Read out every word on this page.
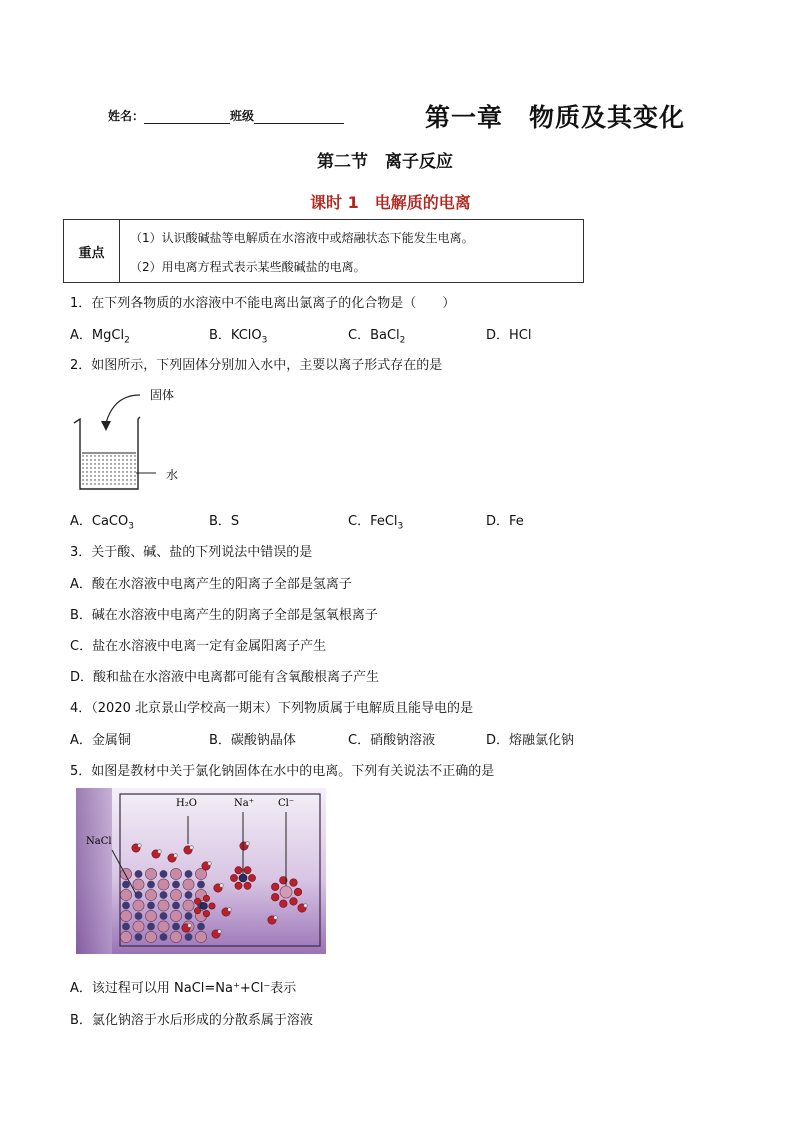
姓名：	班级	第一章　物质及其变化
第二节　离子反应
课时 1　电解质的电离
重点
（1）认识酸碱盐等电解质在水溶液中或熔融状态下能发生电离。
（2）用电离方程式表示某些酸碱盐的电离。
1．在下列各物质的水溶液中不能电离出氯离子的化合物是（　　）
A．MgCl$_2$	B．KClO$_3$	C．BaCl$_2$	D．HCl
2．如图所示，下列固体分别加入水中，主要以离子形式存在的是
固体
水
A．CaCO$_3$	B．S	C．FeCl$_3$	D．Fe
3．关于酸、碱、盐的下列说法中错误的是
A．酸在水溶液中电离产生的阳离子全部是氢离子
B．碱在水溶液中电离产生的阴离子全部是氢氧根离子
C．盐在水溶液中电离一定有金属阳离子产生
D．酸和盐在水溶液中电离都可能有含氧酸根离子产生
4．（2020 北京景山学校高一期末）下列物质属于电解质且能导电的是
A．金属铜	B．碳酸钠晶体	C．硝酸钠溶液	D．熔融氯化钠
5．如图是教材中关于氯化钠固体在水中的电离。下列有关说法不正确的是
H₂O	Na⁺ Cl⁻
NaCl
A．该过程可以用 NaCl=Na⁺+Cl⁻表示
B．氯化钠溶于水后形成的分散系属于溶液
